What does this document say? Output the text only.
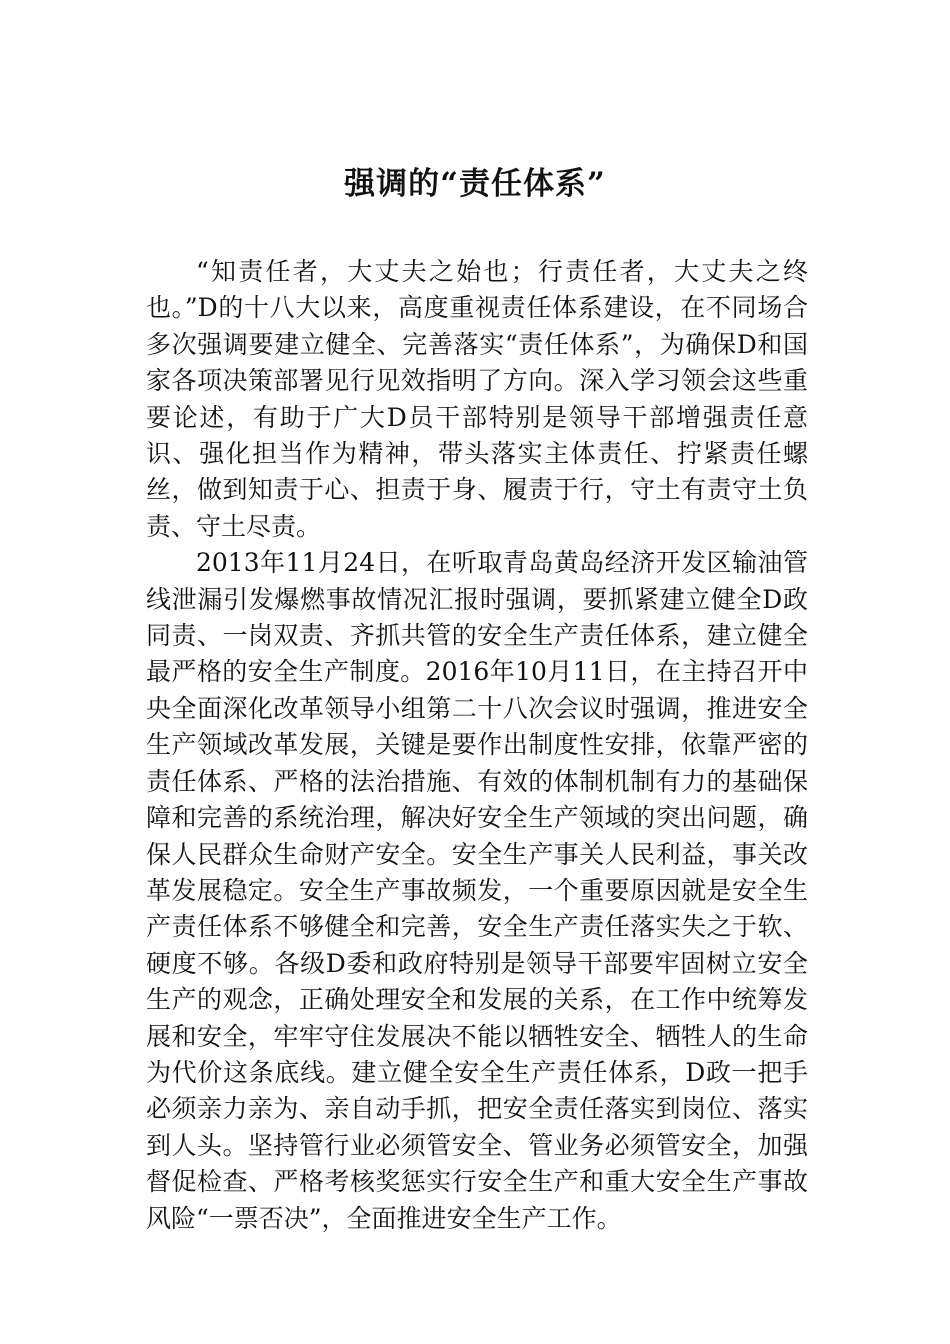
强调的“责任体系”

“知责任者，大丈夫之始也；行责任者，大丈夫之终也。”D的十八大以来，高度重视责任体系建设，在不同场合多次强调要建立健全、完善落实“责任体系”，为确保D和国家各项决策部署见行见效指明了方向。深入学习领会这些重要论述，有助于广大D员干部特别是领导干部增强责任意识、强化担当作为精神，带头落实主体责任、拧紧责任螺丝，做到知责于心、担责于身、履责于行，守土有责守土负责、守土尽责。

2013年11月24日，在听取青岛黄岛经济开发区输油管线泄漏引发爆燃事故情况汇报时强调，要抓紧建立健全D政同责、一岗双责、齐抓共管的安全生产责任体系，建立健全最严格的安全生产制度。2016年10月11日，在主持召开中央全面深化改革领导小组第二十八次会议时强调，推进安全生产领域改革发展，关键是要作出制度性安排，依靠严密的责任体系、严格的法治措施、有效的体制机制有力的基础保障和完善的系统治理，解决好安全生产领域的突出问题，确保人民群众生命财产安全。安全生产事关人民利益，事关改革发展稳定。安全生产事故频发，一个重要原因就是安全生产责任体系不够健全和完善，安全生产责任落实失之于软、硬度不够。各级D委和政府特别是领导干部要牢固树立安全生产的观念，正确处理安全和发展的关系，在工作中统筹发展和安全，牢牢守住发展决不能以牺牲安全、牺牲人的生命为代价这条底线。建立健全安全生产责任体系，D政一把手必须亲力亲为、亲自动手抓，把安全责任落实到岗位、落实到人头。坚持管行业必须管安全、管业务必须管安全，加强督促检查、严格考核奖惩实行安全生产和重大安全生产事故风险“一票否决”，全面推进安全生产工作。
